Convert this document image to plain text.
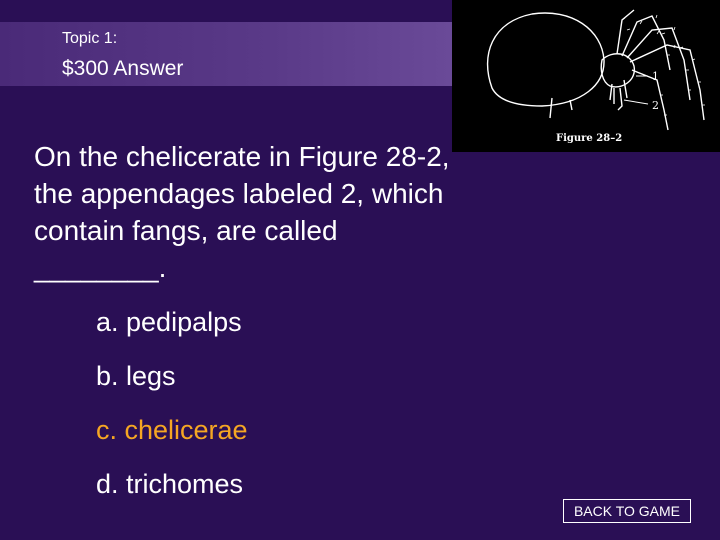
Topic 1:
$300 Answer	1
2
Figure 28–2
On the chelicerate in Figure 28-2, the appendages labeled 2, which contain fangs, are called ________.
a. pedipalps
b. legs
c. chelicerae
d. trichomes
BACK TO GAME
